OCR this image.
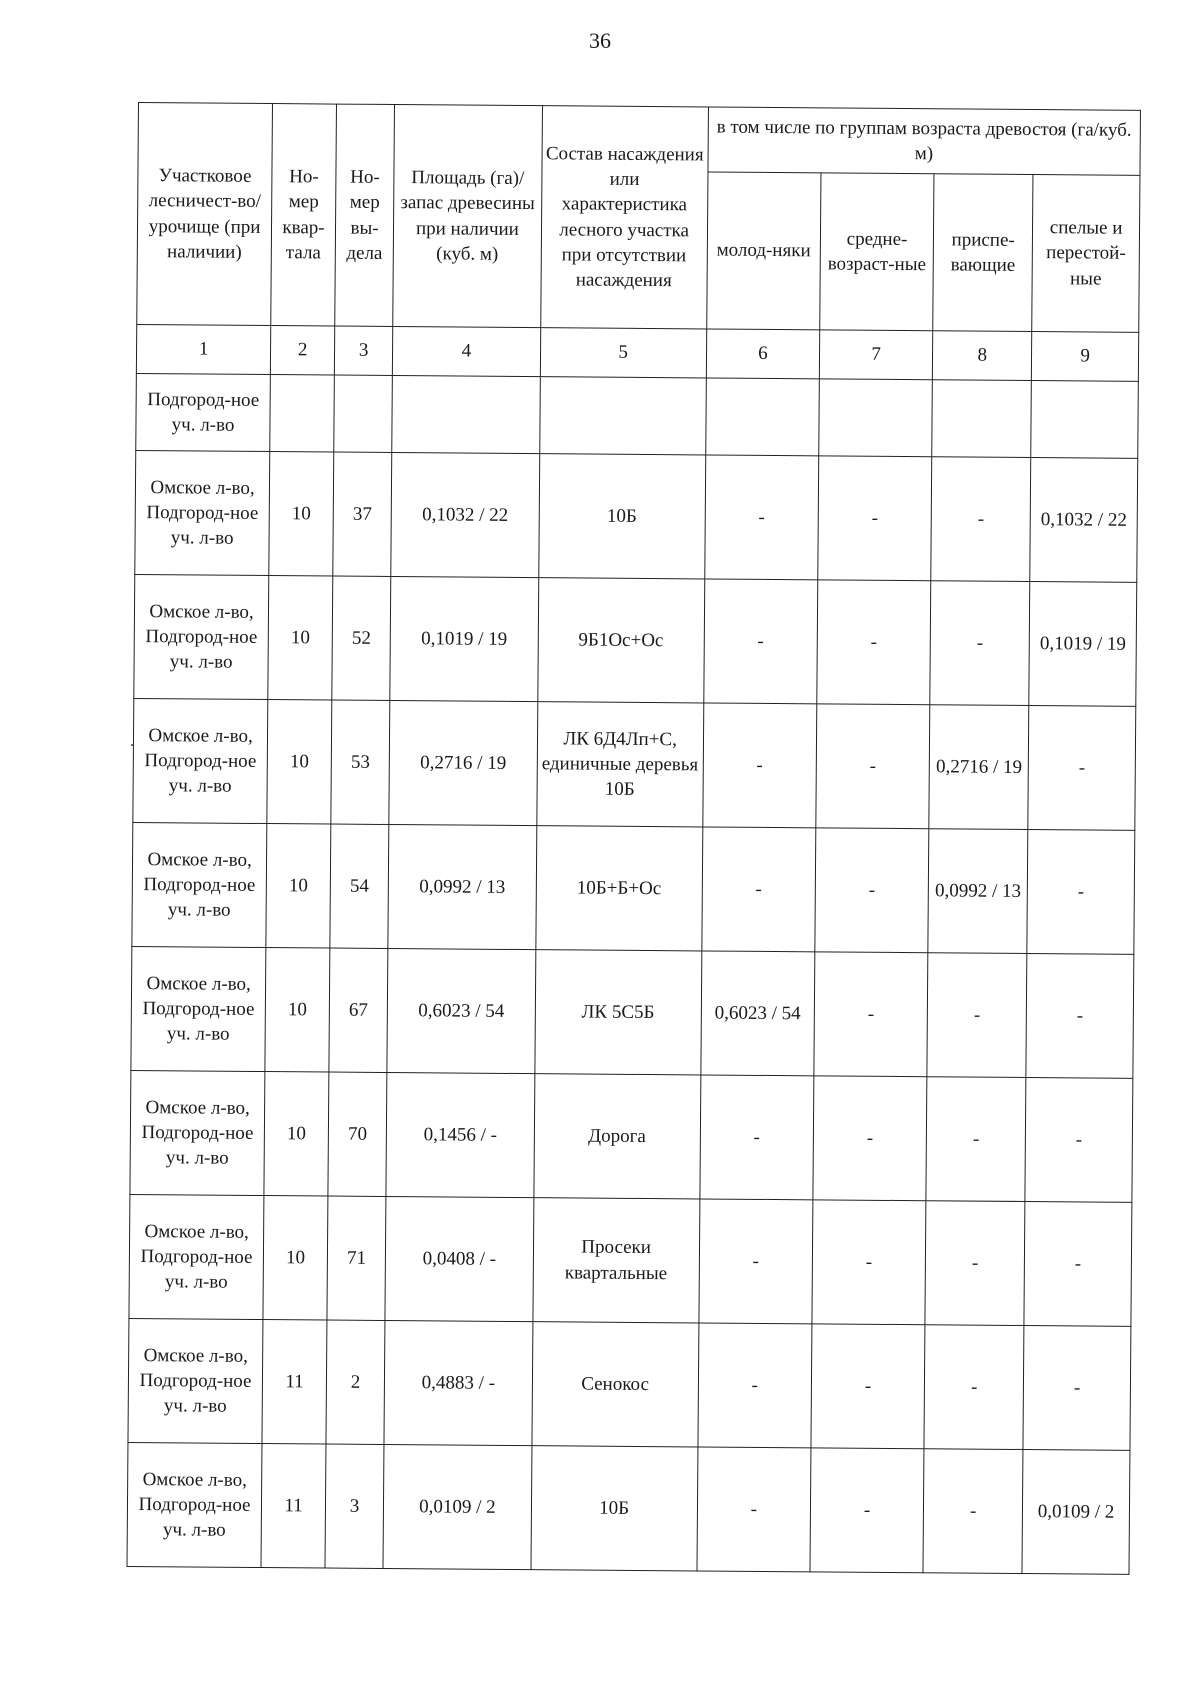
36
Участковое лесничест-во/урочище (при наличии)	Но-мер квар-тала	Но-мер вы-дела	Площадь (га)/запас древесины при наличии (куб. м)	Состав насаждения или характеристика лесного участка при отсутствии насаждения	в том числе по группам возраста древостоя (га/куб. м)			
					молод-няки	средне-возраст-ные	приспе-вающие	спелые и перестой-ные
1	2	3	4	5	6	7	8	9
Подгород-ное уч. л-во								
Омское л-во, Подгород-ное уч. л-во	10	37	0,1032 / 22	10Б	-	-	-	0,1032 / 22
Омское л-во, Подгород-ное уч. л-во	10	52	0,1019 / 19	9Б1Ос+Ос	-	-	-	0,1019 / 19
Омское л-во, Подгород-ное уч. л-во	10	53	0,2716 / 19	ЛК 6Д4Лп+С, единичные деревья 10Б	-	-	0,2716 / 19	-
Омское л-во, Подгород-ное уч. л-во	10	54	0,0992 / 13	10Б+Б+Ос	-	-	0,0992 / 13	-
Омское л-во, Подгород-ное уч. л-во	10	67	0,6023 / 54	ЛК 5С5Б	0,6023 / 54	-	-	-
Омское л-во, Подгород-ное уч. л-во	10	70	0,1456 / -	Дорога	-	-	-	-
Омское л-во, Подгород-ное уч. л-во	10	71	0,0408 / -	Просеки квартальные	-	-	-	-
Омское л-во, Подгород-ное уч. л-во	11	2	0,4883 / -	Сенокос	-	-	-	-
Омское л-во, Подгород-ное уч. л-во	11	3	0,0109 / 2	10Б	-	-	-	0,0109 / 2
